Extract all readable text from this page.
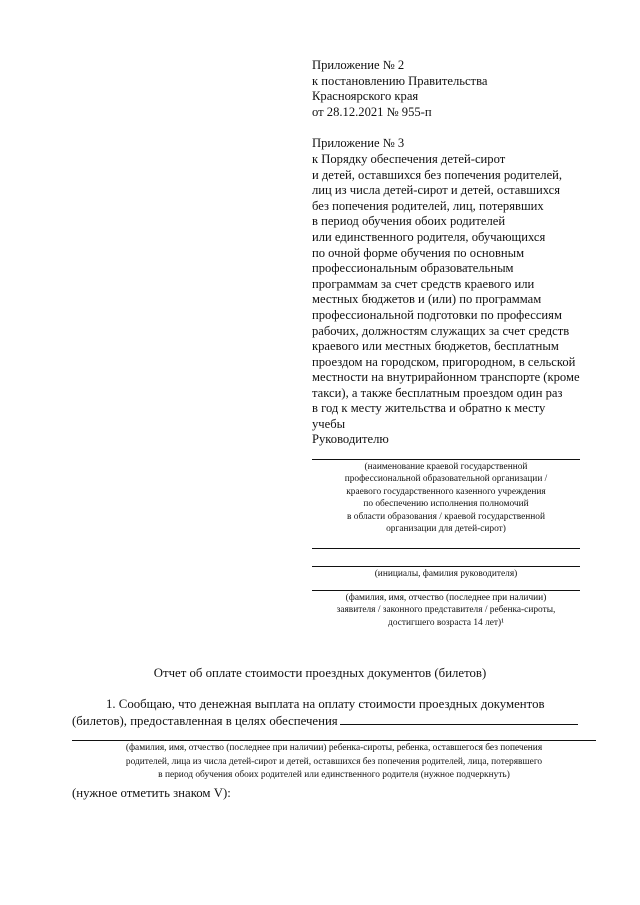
Приложение № 2
к постановлению Правительства
Красноярского края
от 28.12.2021 № 955-п
Приложение № 3
к Порядку обеспечения детей-сирот
и детей, оставшихся без попечения родителей,
лиц из числа детей-сирот и детей, оставшихся
без попечения родителей, лиц, потерявших
в период обучения обоих родителей
или единственного родителя, обучающихся
по очной форме обучения по основным
профессиональным образовательным
программам за счет средств краевого или
местных бюджетов и (или) по программам
профессиональной подготовки по профессиям
рабочих, должностям служащих за счет средств
краевого или местных бюджетов, бесплатным
проездом на городском, пригородном, в сельской
местности на внутрирайонном транспорте (кроме
такси), а также бесплатным проездом один раз
в год к месту жительства и обратно к месту
учебы
Руководителю
(наименование краевой государственной
профессиональной образовательной организации /
краевого государственного казенного учреждения
по обеспечению исполнения полномочий
в области образования / краевой государственной
организации для детей-сирот)
(инициалы, фамилия руководителя)
(фамилия, имя, отчество (последнее при наличии)
заявителя / законного представителя / ребенка-сироты,
достигшего возраста 14 лет)¹
Отчет об оплате стоимости проездных документов (билетов)
1. Сообщаю, что денежная выплата на оплату стоимости проездных документов
(билетов), предоставленная в целях обеспечения
(фамилия, имя, отчество (последнее при наличии) ребенка-сироты, ребенка, оставшегося без попечения
родителей, лица из числа детей-сирот и детей, оставшихся без попечения родителей, лица, потерявшего
в период обучения обоих родителей или единственного родителя (нужное подчеркнуть)
(нужное отметить знаком V):
